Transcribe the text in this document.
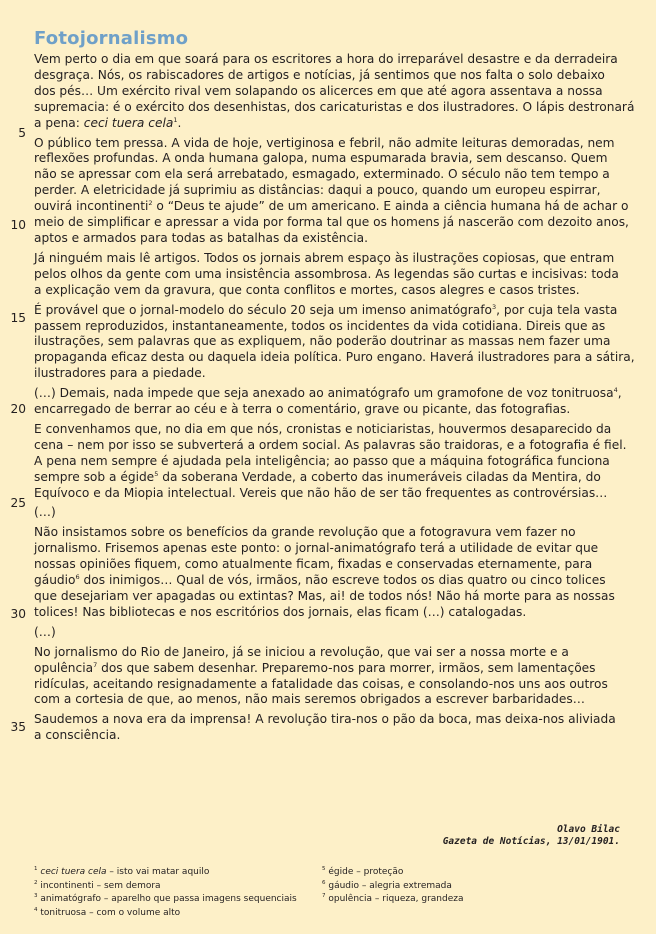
Fotojornalismo
5
10
15
20
25
30
35

Vem perto o dia em que soará para os escritores a hora do irreparável desastre e da derradeira
desgraça. Nós, os rabiscadores de artigos e notícias, já sentimos que nos falta o solo debaixo
dos pés… Um exército rival vem solapando os alicerces em que até agora assentava a nossa
supremacia: é o exército dos desenhistas, dos caricaturistas e dos ilustradores. O lápis destronará
a pena: ceci tuera cela$^1$.

O público tem pressa. A vida de hoje, vertiginosa e febril, não admite leituras demoradas, nem
reflexões profundas. A onda humana galopa, numa espumarada bravia, sem descanso. Quem
não se apressar com ela será arrebatado, esmagado, exterminado. O século não tem tempo a
perder. A eletricidade já suprimiu as distâncias: daqui a pouco, quando um europeu espirrar,
ouvirá incontinenti$^2$ o “Deus te ajude” de um americano. E ainda a ciência humana há de achar o
meio de simplificar e apressar a vida por forma tal que os homens já nascerão com dezoito anos,
aptos e armados para todas as batalhas da existência.

Já ninguém mais lê artigos. Todos os jornais abrem espaço às ilustrações copiosas, que entram
pelos olhos da gente com uma insistência assombrosa. As legendas são curtas e incisivas: toda
a explicação vem da gravura, que conta conflitos e mortes, casos alegres e casos tristes.

É provável que o jornal-modelo do século 20 seja um imenso animatógrafo$^3$, por cuja tela vasta
passem reproduzidos, instantaneamente, todos os incidentes da vida cotidiana. Direis que as
ilustrações, sem palavras que as expliquem, não poderão doutrinar as massas nem fazer uma
propaganda eficaz desta ou daquela ideia política. Puro engano. Haverá ilustradores para a sátira,
ilustradores para a piedade.

(…) Demais, nada impede que seja anexado ao animatógrafo um gramofone de voz tonitruosa$^4$,
encarregado de berrar ao céu e à terra o comentário, grave ou picante, das fotografias.

E convenhamos que, no dia em que nós, cronistas e noticiaristas, houvermos desaparecido da
cena – nem por isso se subverterá a ordem social. As palavras são traidoras, e a fotografia é fiel.
A pena nem sempre é ajudada pela inteligência; ao passo que a máquina fotográfica funciona
sempre sob a égide$^5$ da soberana Verdade, a coberto das inumeráveis ciladas da Mentira, do
Equívoco e da Miopia intelectual. Vereis que não hão de ser tão frequentes as controvérsias…

(…)

Não insistamos sobre os benefícios da grande revolução que a fotogravura vem fazer no
jornalismo. Frisemos apenas este ponto: o jornal-animatógrafo terá a utilidade de evitar que
nossas opiniões fiquem, como atualmente ficam, fixadas e conservadas eternamente, para
gáudio$^6$ dos inimigos… Qual de vós, irmãos, não escreve todos os dias quatro ou cinco tolices
que desejariam ver apagadas ou extintas? Mas, ai! de todos nós! Não há morte para as nossas
tolices! Nas bibliotecas e nos escritórios dos jornais, elas ficam (…) catalogadas.

(…)

No jornalismo do Rio de Janeiro, já se iniciou a revolução, que vai ser a nossa morte e a
opulência$^7$ dos que sabem desenhar. Preparemo-nos para morrer, irmãos, sem lamentações
ridículas, aceitando resignadamente a fatalidade das coisas, e consolando-nos uns aos outros
com a cortesia de que, ao menos, não mais seremos obrigados a escrever barbaridades…

Saudemos a nova era da imprensa! A revolução tira-nos o pão da boca, mas deixa-nos aliviada
a consciência.

Olavo Bilac
Gazeta de Notícias, 13/01/1901.
$^1$ ceci tuera cela – isto vai matar aquilo
$^2$ incontinenti – sem demora
$^3$ animatógrafo – aparelho que passa imagens sequenciais
$^4$ tonitruosa – com o volume alto
$^5$ égide – proteção
$^6$ gáudio – alegria extremada
$^7$ opulência – riqueza, grandeza
